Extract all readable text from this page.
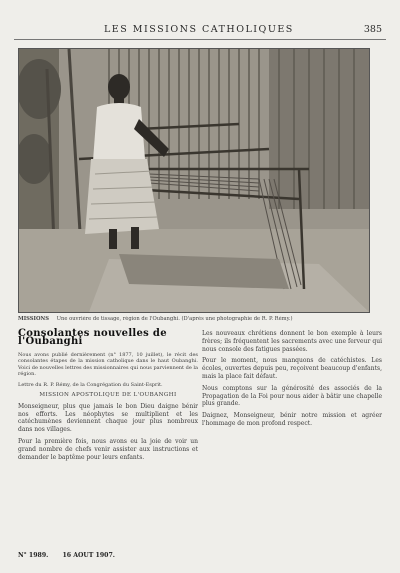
LES MISSIONS CATHOLIQUES	385
MISSIONS Une ouvrière de tissage, région de l'Oubanghi. (D'après une photographie de R. P. Rémy.)
Consolantes nouvelles de l'Oubanghi

Nous avons publié dernièrement (n° 1877, 10 juillet), le récit des consolantes étapes de la mission catholique dans le haut Oubanghi. Voici de nouvelles lettres des missionnaires qui nous parviennent de la région.

Lettre du R. P. Rémy, de la Congrégation du Saint-Esprit.

MISSION APOSTOLIQUE DE L'OUBANGHI

Monseigneur, plus que jamais le bon Dieu daigne bénir nos efforts. Les néophytes se multiplient et les catéchumènes deviennent chaque jour plus nombreux dans nos villages.

Pour la première fois, nous avons eu la joie de voir un grand nombre de chefs venir assister aux instructions et demander le baptême pour leurs enfants.

Les nouveaux chrétiens donnent le bon exemple à leurs frères; ils fréquentent les sacrements avec une ferveur qui nous console des fatigues passées.

Pour le moment, nous manquons de catéchistes. Les écoles, ouvertes depuis peu, reçoivent beaucoup d'enfants, mais la place fait défaut.

Nous comptons sur la générosité des associés de la Propagation de la Foi pour nous aider à bâtir une chapelle plus grande.

Daignez, Monseigneur, bénir notre mission et agréer l'hommage de mon profond respect.

N° 1989. 16 AOUT 1907.
